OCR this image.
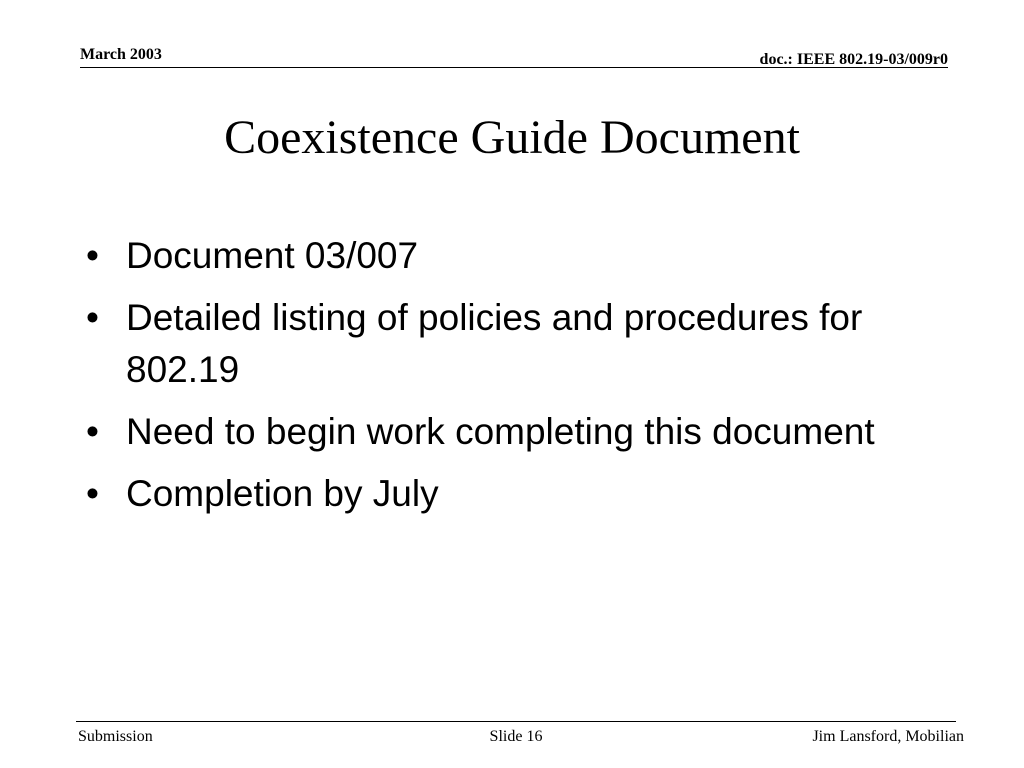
March 2003	doc.: IEEE 802.19-03/009r0
Coexistence Guide Document
• Document 03/007
• Detailed listing of policies and procedures for 802.19
• Need to begin work completing this document
• Completion by July
Submission	Slide 16	Jim Lansford, Mobilian
